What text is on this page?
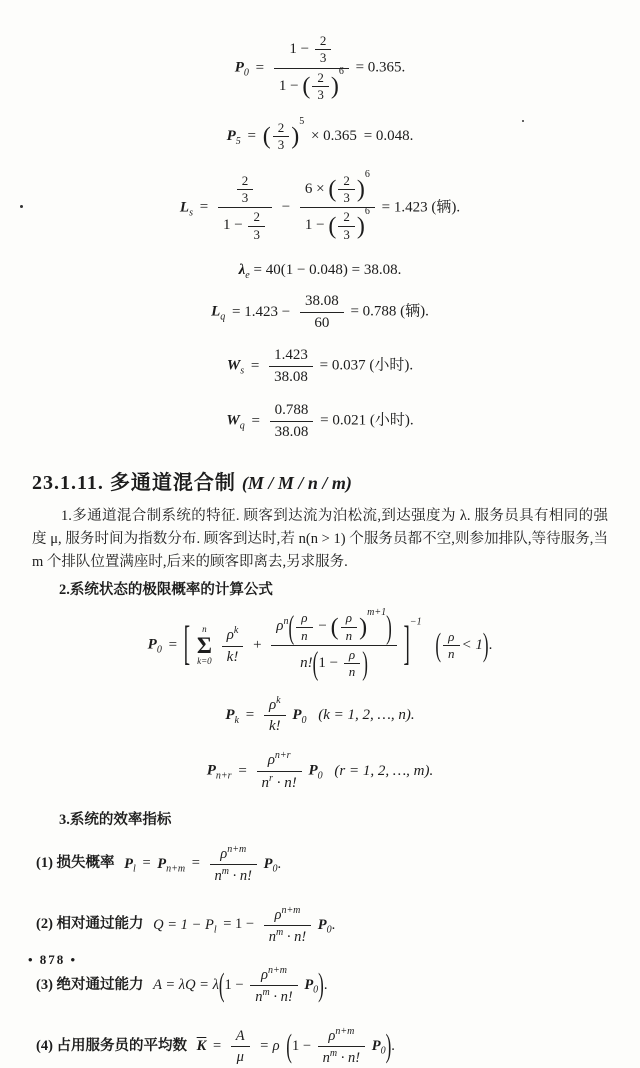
$P_0 = \frac{1 - \frac{2}{3}}{1 - ( \frac{2}{3} )^6} = 0.365$.
$P_5$ = ( $\frac{2}{3} )^5 \times 0.365 = 0.048$.
$L_s = \frac{\frac{2}{3}}{1 - \frac{2}{3}} - \frac{6 \times ( \frac{2}{3} )^6}{1 - ( \frac{2}{3} )^6} = 1.423$ (辆).
$\lambda_e = 40(1 - 0.048) = 38.08$.
$L_q = 1.423 - \frac{38.08}{60} = 0.788$ (辆).
$W_s = \frac{1.423}{38.08} = 0.037$ (小时).
$W_q = \frac{0.788}{38.08} = 0.021$ (小时).
23.1.11. 多通道混合制 (M / M / n / m)
1.多通道混合制系统的特征. 顾客到达流为泊松流,到达强度为 λ. 服务员具有相同的强度 μ, 服务时间为指数分布. 顾客到达时,若 n(n > 1) 个服务员都不空,则参加排队,等待服务,当 m 个排队位置满座时,后来的顾客即离去,另求服务.
2.系统状态的极限概率的计算公式
$P_0$ = [ n
Σ
k=0
$\frac{\rho^k}{k!} + \frac{\rho^n( \frac{\rho}{n} - ( \frac{\rho}{n} )^{m+1})}{n!(1 - \frac{\rho}{n} )} ]^{-1}$ ( $\frac{\rho}{n} < 1$).
$P_k = \frac{\rho^k}{k!} P_0$ (k = 1, 2, …, n).
$P_{n+r} = \frac{\rho^{n+r}}{n^r \cdot n!} P_0$ (r = 1, 2, …, m).
3.系统的效率指标
(1) 损失概率 $P_l = P_{n+m} = \frac{\rho^{n+m}}{n^m \cdot n!} P_0$.
(2) 相对通过能力 $Q = 1 - P_l = 1 - \frac{\rho^{n+m}}{n^m \cdot n!} P_0$.
(3) 绝对通过能力 $A = \lambda Q = \lambda(1 - \frac{\rho^{n+m}}{n^m \cdot n!} P_0)$.
(4) 占用服务员的平均数 $\overline{K} = \frac{A}{\mu} = \rho$ $(1 - \frac{\rho^{n+m}}{n^m \cdot n!} P_0)$.
• 878 •
